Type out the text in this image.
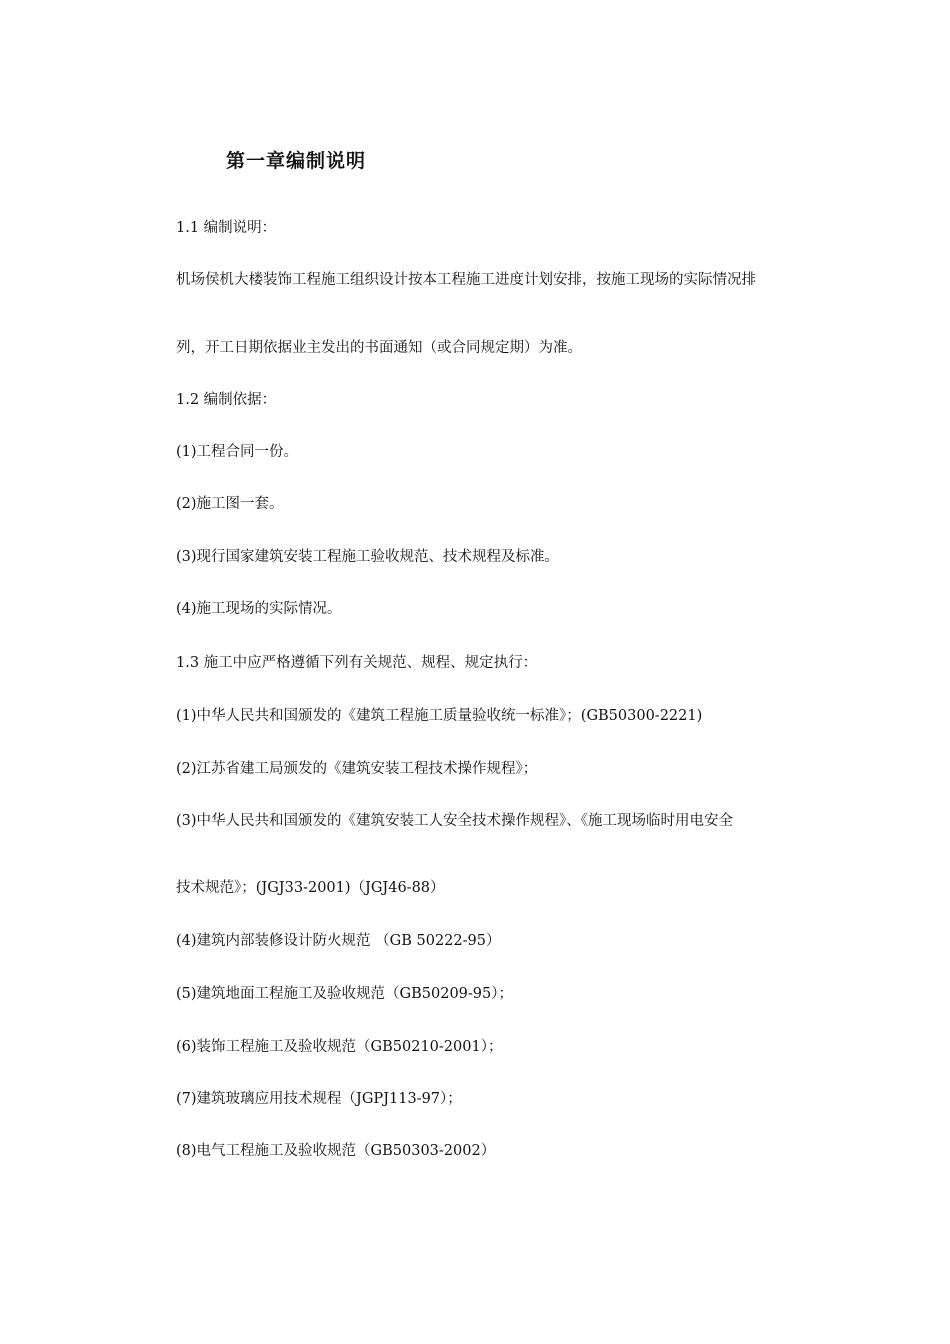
第一章编制说明
1.1 编制说明：
机场侯机大楼装饰工程施工组织设计按本工程施工进度计划安排，按施工现场的实际情况排
列，开工日期依据业主发出的书面通知（或合同规定期）为准。
1.2 编制依据：
(1)工程合同一份。
(2)施工图一套。
(3)现行国家建筑安装工程施工验收规范、技术规程及标准。
(4)施工现场的实际情况。
1.3 施工中应严格遵循下列有关规范、规程、规定执行：
(1)中华人民共和国颁发的《建筑工程施工质量验收统一标准》；(GB50300-2221)
(2)江苏省建工局颁发的《建筑安装工程技术操作规程》；
(3)中华人民共和国颁发的《建筑安装工人安全技术操作规程》、《施工现场临时用电安全
技术规范》；(JGJ33-2001)（JGJ46-88）
(4)建筑内部装修设计防火规范 （GB 50222-95）
(5)建筑地面工程施工及验收规范（GB50209-95）；
(6)装饰工程施工及验收规范（GB50210-2001）；
(7)建筑玻璃应用技术规程（JGPJ113-97）；
(8)电气工程施工及验收规范（GB50303-2002）
